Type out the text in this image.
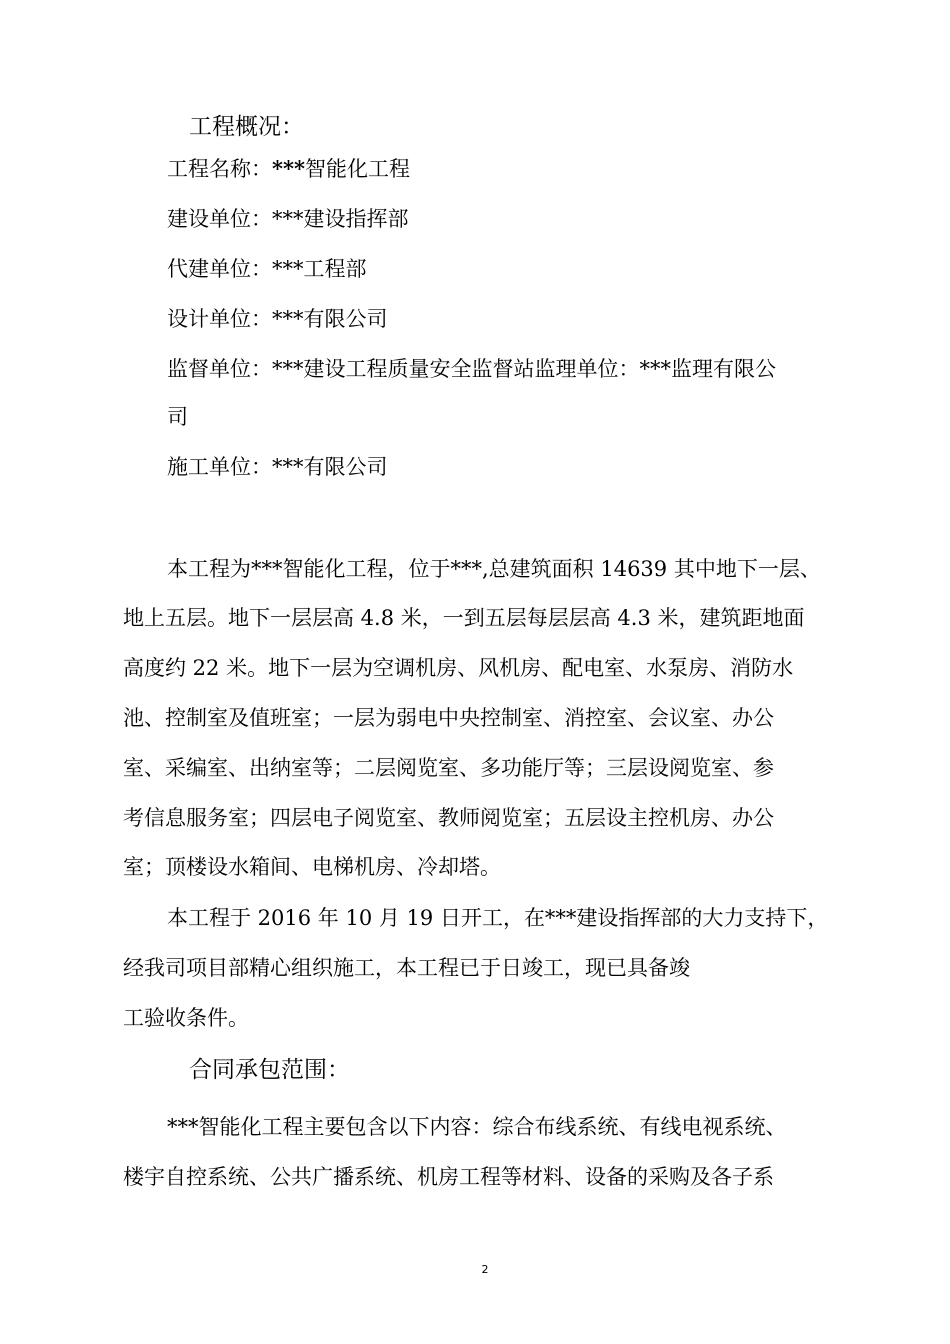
工程概况：
工程名称：***智能化工程
建设单位：***建设指挥部
代建单位：***工程部
设计单位：***有限公司
监督单位：***建设工程质量安全监督站监理单位：***监理有限公
司
施工单位：***有限公司
本工程为***智能化工程，位于***,总建筑面积 14639 其中地下一层、
地上五层。地下一层层高 4.8 米，一到五层每层层高 4.3 米，建筑距地面
高度约 22 米。地下一层为空调机房、风机房、配电室、水泵房、消防水
池、控制室及值班室；一层为弱电中央控制室、消控室、会议室、办公
室、采编室、出纳室等；二层阅览室、多功能厅等；三层设阅览室、参
考信息服务室；四层电子阅览室、教师阅览室；五层设主控机房、办公
室；顶楼设水箱间、电梯机房、冷却塔。
本工程于 2016 年 10 月 19 日开工，在***建设指挥部的大力支持下，
经我司项目部精心组织施工，本工程已于日竣工，现已具备竣
工验收条件。
合同承包范围：
***智能化工程主要包含以下内容：综合布线系统、有线电视系统、
楼宇自控系统、公共广播系统、机房工程等材料、设备的采购及各子系
2
